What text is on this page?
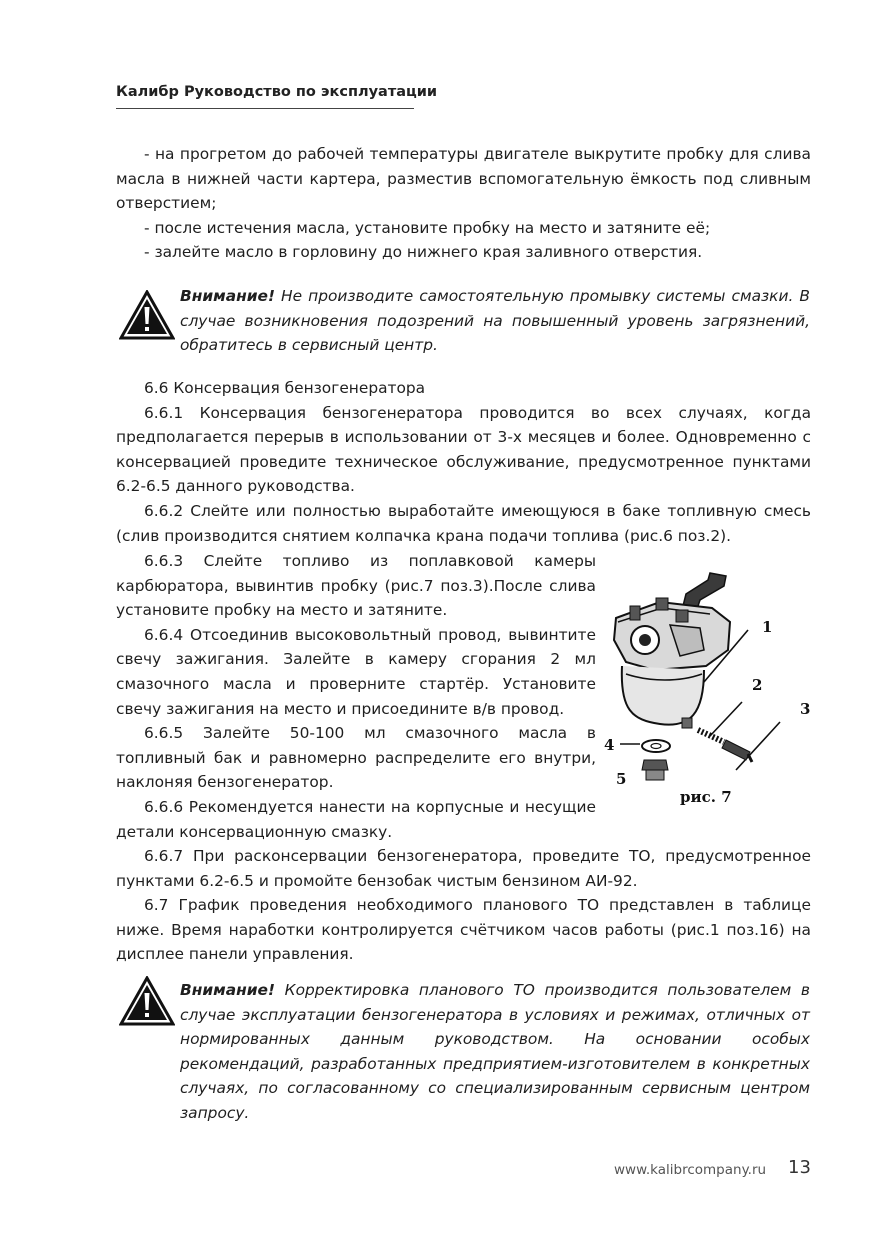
Калибр Руководство по эксплуатации

- на прогретом до рабочей температуры двигателе выкрутите пробку для слива масла в нижней части картера, разместив вспомогательную ёмкость под сливным отверстием;

- после истечения масла, установите пробку на место и затяните её;

- залейте масло в горловину до нижнего края заливного отверстия.

Внимание! Не производите самостоятельную промывку системы смазки. В случае возникновения подозрений на повышенный уровень загрязнений, обратитесь в сервисный центр.

6.6 Консервация бензогенератора

6.6.1 Консервация бензогенератора проводится во всех случаях, когда предполагается перерыв в использовании от 3-х месяцев и более. Одновременно с консервацией проведите техническое обслуживание, предусмотренное пунктами 6.2-6.5 данного руководства.

6.6.2 Слейте или полностью выработайте имеющуюся в баке топливную смесь (слив производится снятием колпачка крана подачи топлива (рис.6 поз.2).

6.6.3 Слейте топливо из поплавковой камеры карбюратора, вывинтив пробку (рис.7 поз.3).После слива установите пробку на место и затяните.

6.6.4 Отсоединив высоковольтный провод, вывинтите свечу зажигания. Залейте в камеру сгорания 2 мл смазочного масла и проверните стартёр. Установите свечу зажигания на место и присоедините в/в провод.

6.6.5 Залейте 50-100 мл смазочного масла в топливный бак и равномерно распределите его внутри, наклоняя бензогенератор.

6.6.6 Рекомендуется нанести на корпусные и несущие детали консервационную смазку.

1
2
3
4
5
рис. 7

6.6.7 При расконсервации бензогенератора, проведите ТО, предусмотренное пунктами 6.2-6.5 и промойте бензобак чистым бензином АИ-92.

6.7 График проведения необходимого планового ТО представлен в таблице ниже. Время наработки контролируется счётчиком часов работы (рис.1 поз.16) на дисплее панели управления.

Внимание! Корректировка планового ТО производится пользователем в случае эксплуатации бензогенератора в условиях и режимах, отличных от нормированных данным руководством. На основании особых рекомендаций, разработанных предприятием-изготовителем в конкретных случаях, по согласованному со специализированным сервисным центром запросу.

www.kalibrcompany.ru 13
